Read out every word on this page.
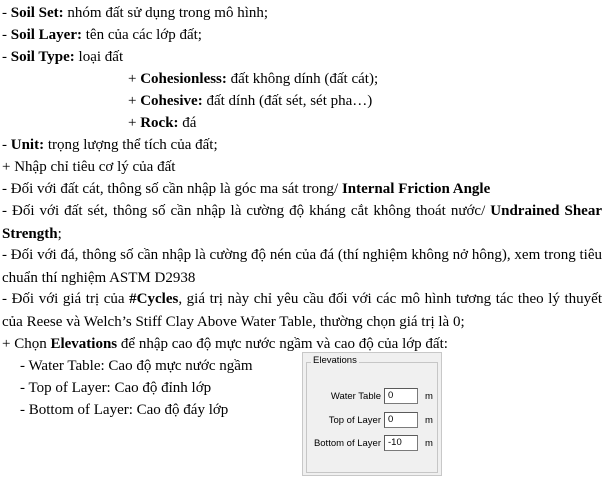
- Soil Set: nhóm đất sử dụng trong mô hình;
- Soil Layer: tên của các lớp đất;
- Soil Type: loại đất
+ Cohesionless: đất không dính (đất cát);
+ Cohesive: đất dính (đất sét, sét pha…)
+ Rock: đá
- Unit: trọng lượng thể tích của đất;
+ Nhập chỉ tiêu cơ lý của đất
- Đối với đất cát, thông số cần nhập là góc ma sát trong/ Internal Friction Angle
- Đối với đất sét, thông số cần nhập là cường độ kháng cắt không thoát nước/ Undrained Shear Strength;
- Đối với đá, thông số cần nhập là cường độ nén của đá (thí nghiệm không nở hông), xem trong tiêu chuẩn thí nghiệm ASTM D2938
- Đối với giá trị của #Cycles, giá trị này chỉ yêu cầu đối với các mô hình tương tác theo lý thuyết của Reese và Welch’s Stiff Clay Above Water Table, thường chọn giá trị là 0;
+ Chọn Elevations để nhập cao độ mực nước ngầm và cao độ của lớp đất:
- Water Table: Cao độ mực nước ngầm
- Top of Layer: Cao độ đỉnh lớp
- Bottom of Layer: Cao độ đáy lớp
Elevations
Water Table 0	m
Top of Layer 0	m
Bottom of Layer -10	m
